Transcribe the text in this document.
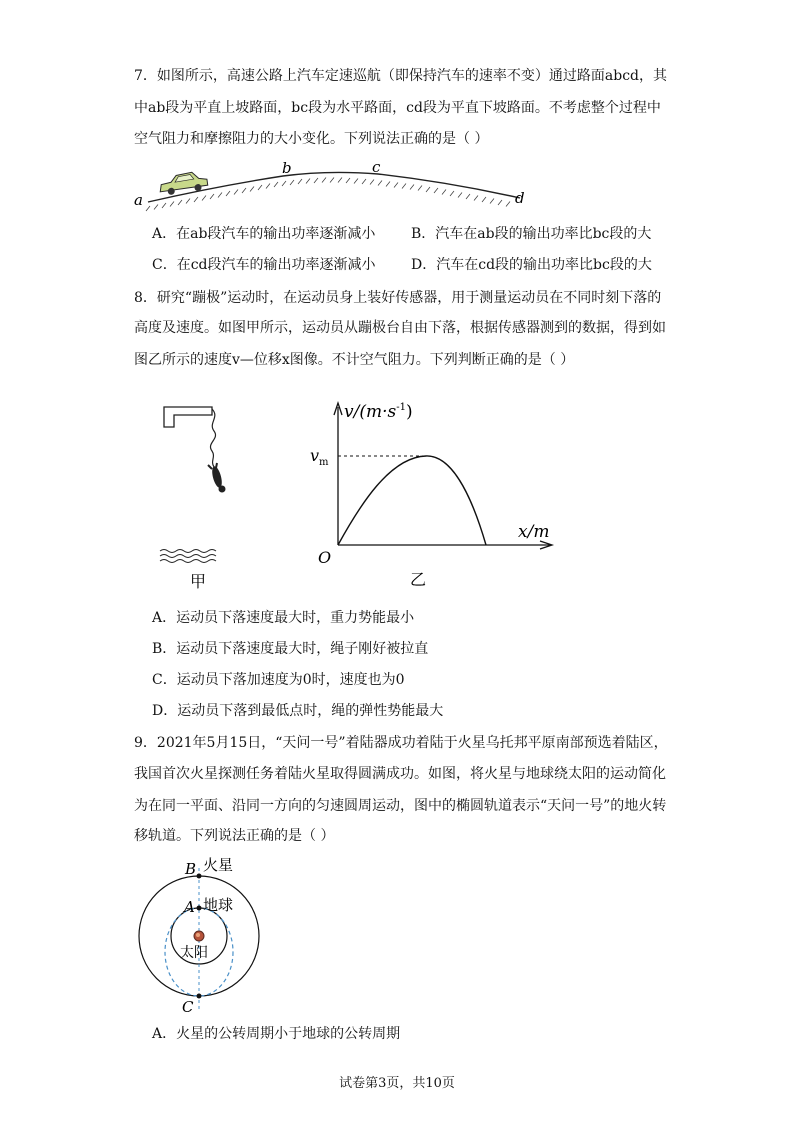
7．如图所示，高速公路上汽车定速巡航（即保持汽车的速率不变）通过路面abcd，其
中ab段为平直上坡路面，bc段为水平路面，cd段为平直下坡路面。不考虑整个过程中
空气阻力和摩擦阻力的大小变化。下列说法正确的是（ ）
a
b	c
d
A．在ab段汽车的输出功率逐渐减小	B．汽车在ab段的输出功率比bc段的大
C．在cd段汽车的输出功率逐渐减小	D．汽车在cd段的输出功率比bc段的大
8．研究“蹦极”运动时，在运动员身上装好传感器，用于测量运动员在不同时刻下落的
高度及速度。如图甲所示，运动员从蹦极台自由下落，根据传感器测到的数据，得到如
图乙所示的速度v—位移x图像。不计空气阻力。下列判断正确的是（ ）
甲
$v/(m\cdot s^{-1})$
$v_m$
O
x/m
乙
A．运动员下落速度最大时，重力势能最小
B．运动员下落速度最大时，绳子刚好被拉直
C．运动员下落加速度为0时，速度也为0
D．运动员下落到最低点时，绳的弹性势能最大
9．2021年5月15日，“天问一号”着陆器成功着陆于火星乌托邦平原南部预选着陆区，
我国首次火星探测任务着陆火星取得圆满成功。如图，将火星与地球绕太阳的运动简化
为在同一平面、沿同一方向的匀速圆周运动，图中的椭圆轨道表示“天问一号”的地火转
移轨道。下列说法正确的是（ ）
B 火星
A 地球
太阳
C
A．火星的公转周期小于地球的公转周期
试卷第3页，共10页
